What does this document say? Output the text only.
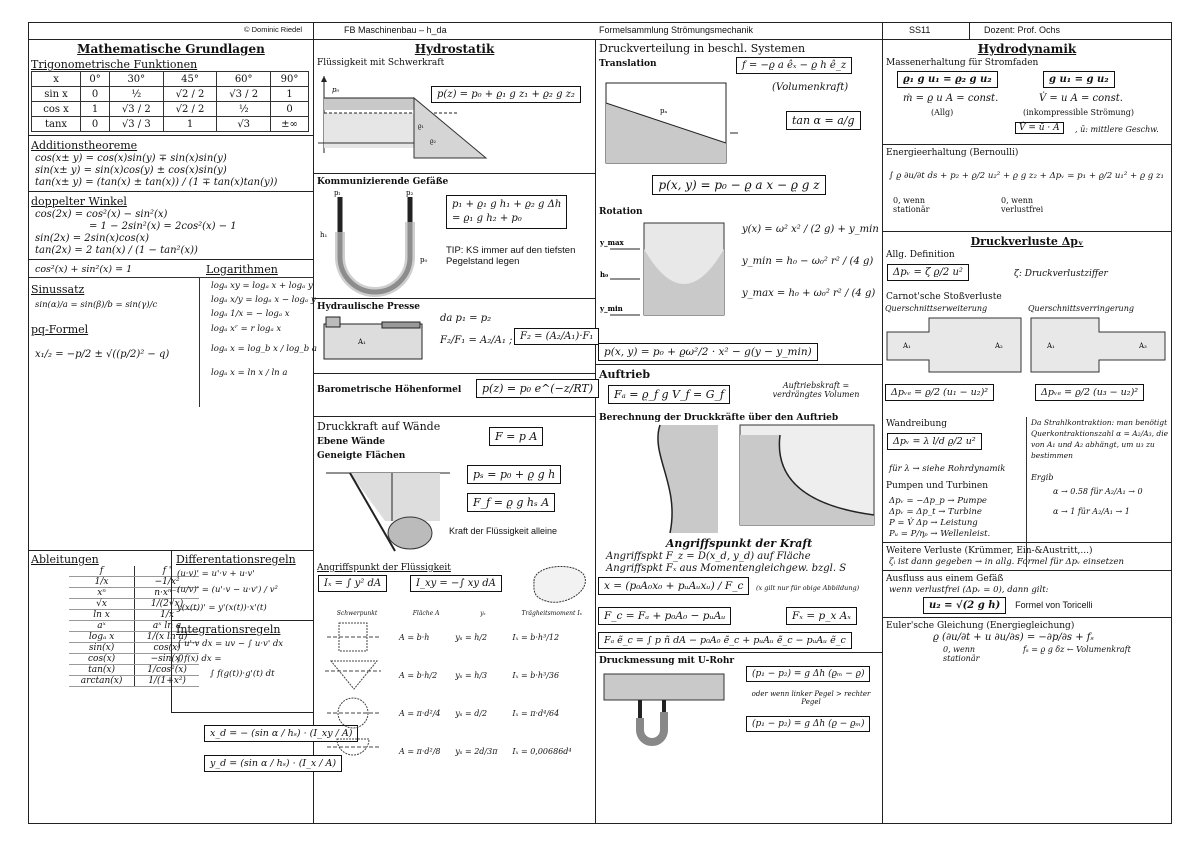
© Dominic Riedel	FB Maschinenbau – h_da	Formelsammlung Strömungsmechanik	SS11	Dozent: Prof. Ochs
Mathematische Grundlagen
Trigonometrische Funktionen
x	0°	30°	45°	60°	90°
sin x	0	½	√2 / 2	√3 / 2	1
cos x	1	√3 / 2	√2 / 2	½	0
tanx	0	√3 / 3	1	√3	±∞
Additionstheoreme
cos(x± y) = cos(x)sin(y) ∓ sin(x)sin(y)
sin(x± y) = sin(x)cos(y) ± cos(x)sin(y)
tan(x± y) = (tan(x) ± tan(x)) / (1 ∓ tan(x)tan(y))
doppelter Winkel
cos(2x) = cos²(x) − sin²(x)
= 1 − 2sin²(x) = 2cos²(x) − 1
sin(2x) = 2sin(x)cos(x)
tan(2x) = 2 tan(x) / (1 − tan²(x))
cos²(x) + sin²(x) = 1	Logarithmen
logₐ xy = logₐ x + logₐ y
logₐ x/y = logₐ x − logₐ y
logₐ 1/x = − logₐ x
logₐ xʳ = r logₐ x
logₐ x = log_b x / log_b a
logₐ x = ln x / ln a
Sinussatz
sin(α)/a = sin(β)/b = sin(γ)/c
pq-Formel
x₁/₂ = −p/2 ± √((p/2)² − q)
Ableitungen
f	f '
1/x	−1/x²
xⁿ	n·xⁿ⁻¹
√x	1/(2√x)
ln x	1/x
aˣ	aˣ ln a
logₐ x	1/(x ln a)
sin(x)	cos(x)
cos(x)	−sin(x)
tan(x)	1/cos²(x)
arctan(x)	1/(1+x²)
Differentationsregeln
(u·v)' = u'·v + u·v'
(u/v)' = (u'·v − u·v') / v²
y(x(t))' = y'(x(t))·x'(t)
Integrationsregeln
∫ u'·v dx = uv − ∫ u·v' dx
∫ f(x) dx =
∫ f(g(t))·g'(t) dt
x_d = − (sin α / hₛ) · (I_xy / A)
y_d = (sin α / hₛ) · (I_x / A)
Hydrostatik
Flüssigkeit mit Schwerkraft
p₀
ϱ₁
ϱ₂
p(z) = p₀ + ϱ₁ g z₁ + ϱ₂ g z₂
Kommunizierende Gefäße
pₗ	p₂
h₁
p₀
p₁ + ϱ₁ g h₁ + ϱ₂ g Δh
= ϱ₁ g h₂ + p₀
TIP: KS immer auf den tiefsten Pegelstand legen
Hydraulische Presse
A₁
da p₁ = p₂
F₂/F₁ = A₂/A₁ ; F₂ = (A₂/A₁)·F₁
Barometrische Höhenformel	p(z) = p₀ e^(−z/RT)
Druckkraft auf Wände
Ebene Wände	F = p A
Geneigte Flächen
pₛ = p₀ + ϱ g h
F_f = ϱ g hₛ A
Kraft der Flüssigkeit alleine
Angriffspunkt der Flüssigkeit
Iₓ = ∫ y² dA	I_xy = −∫ xy dA
Schwerpunkt	Fläche A	yₛ	Trägheitsmoment Iₓ

	A = b·h	yₛ = h/2	Iₓ = b·h³/12

	A = b·h/2	yₛ = h/3	Iₓ = b·h³/36

	A = π·d²/4	yₛ = d/2	Iₓ = π·d⁴/64

	A = π·d²/8	yₛ = 2d/3π	Iₓ = 0,00686d⁴
Druckverteilung in beschl. Systemen
Translation	f = −ϱ a êₓ − ϱ h ê_z
(Volumenkraft)
pₐ
tan α = a/g
p(x, y) = p₀ − ϱ a x − ϱ g z
Rotation
y_max
h₀
y_min
y(x) = ω² x² / (2 g) + y_min
y_min = h₀ − ω₀² r² / (4 g)
y_max = h₀ + ω₀² r² / (4 g)
p(x, y) = p₀ + ϱω²/2 · x² − g(y − y_min)
Auftrieb
Fₐ = ϱ_f g V_f = G_f
Auftriebskraft = verdrängtes Volumen
Berechnung der Druckkräfte über den Auftrieb
Angriffspunkt der Kraft
Angriffspkt F_z = D(x_d, y_d) auf Fläche
Angriffspkt Fₓ aus Momentengleichgew. bzgl. S
x = (p₀A₀x₀ + pᵤAᵤxᵤ) / F_c	(x gilt nur für obige Abbildung)
F_c = Fₐ + p₀A₀ − pᵤAᵤ	Fₓ = p_x Aₓ
Fₐ ẽ_c = ∫ p ñ dA − p₀A₀ ẽ_c + pᵤAᵤ ẽ_c − pᵤAᵤ ẽ_c
Druckmessung mit U-Rohr
(p₁ − p₂) = g Δh (ϱₘ − ϱ)
oder wenn linker Pegel > rechter Pegel
(p₁ − p₂) = g Δh (ϱ − ϱₘ)
Hydrodynamik
Massenerhaltung für Stromfaden
ϱ₁ g u₁ = ϱ₂ g u₂	g u₁ = g u₂
ṁ = ϱ u A = const.	V̇ = u A = const.
(Allg)	(inkompressible Strömung)
V̇ = ū · A	, ū: mittlere Geschw.
Energieerhaltung (Bernoulli)
∫ ϱ ∂u/∂t ds + p₂ + ϱ/2 u₂² + ϱ g z₂ + Δpᵥ = p₁ + ϱ/2 u₁² + ϱ g z₁
0, wenn stationär
0, wenn verlustfrei
Druckverluste Δpᵥ
Allg. Definition
Δpᵥ = ζ ϱ/2 u²	ζ: Druckverlustziffer
Carnot'sche Stoßverluste
Querschnittserweiterung	Querschnittsverringerung
A₁	A₂	A₁	A₃
Δpᵥₑ = ϱ/2 (u₁ − u₂)²	Δpᵥₑ = ϱ/2 (u₃ − u₂)²
Wandreibung
Δpᵥ = λ l/d ϱ/2 u²
für λ → siehe Rohrdynamik
Da Strahlkontraktion: man benötigt Querkontraktionszahl α = A₂/A₃, die von A₁ und A₂ abhängt, um u₃ zu bestimmen
Ergib
α → 0.58 für A₂/A₁ → 0
α → 1 für A₂/A₁ → 1
Pumpen und Turbinen
Δpᵥ = −Δp_p → Pumpe
Δpᵥ = Δp_t → Turbine
P = V̇ Δp → Leistung
Pᵤ = P/ηₚ → Wellenleist.
Weitere Verluste (Krümmer, Ein-&Austritt,...)
ζᵢ ist dann gegeben → in allg. Formel für Δpᵥ einsetzen
Ausfluss aus einem Gefäß
wenn verlustfrei (Δpᵥ = 0), dann gilt:
u₂ = √(2 g h) Formel von Toricelli
Euler'sche Gleichung (Energiegleichung)
ϱ (∂u/∂t + u ∂u/∂s) = −∂p/∂s + fₛ
0, wenn stationär
fₛ = ϱ g δz ← Volumenkraft
